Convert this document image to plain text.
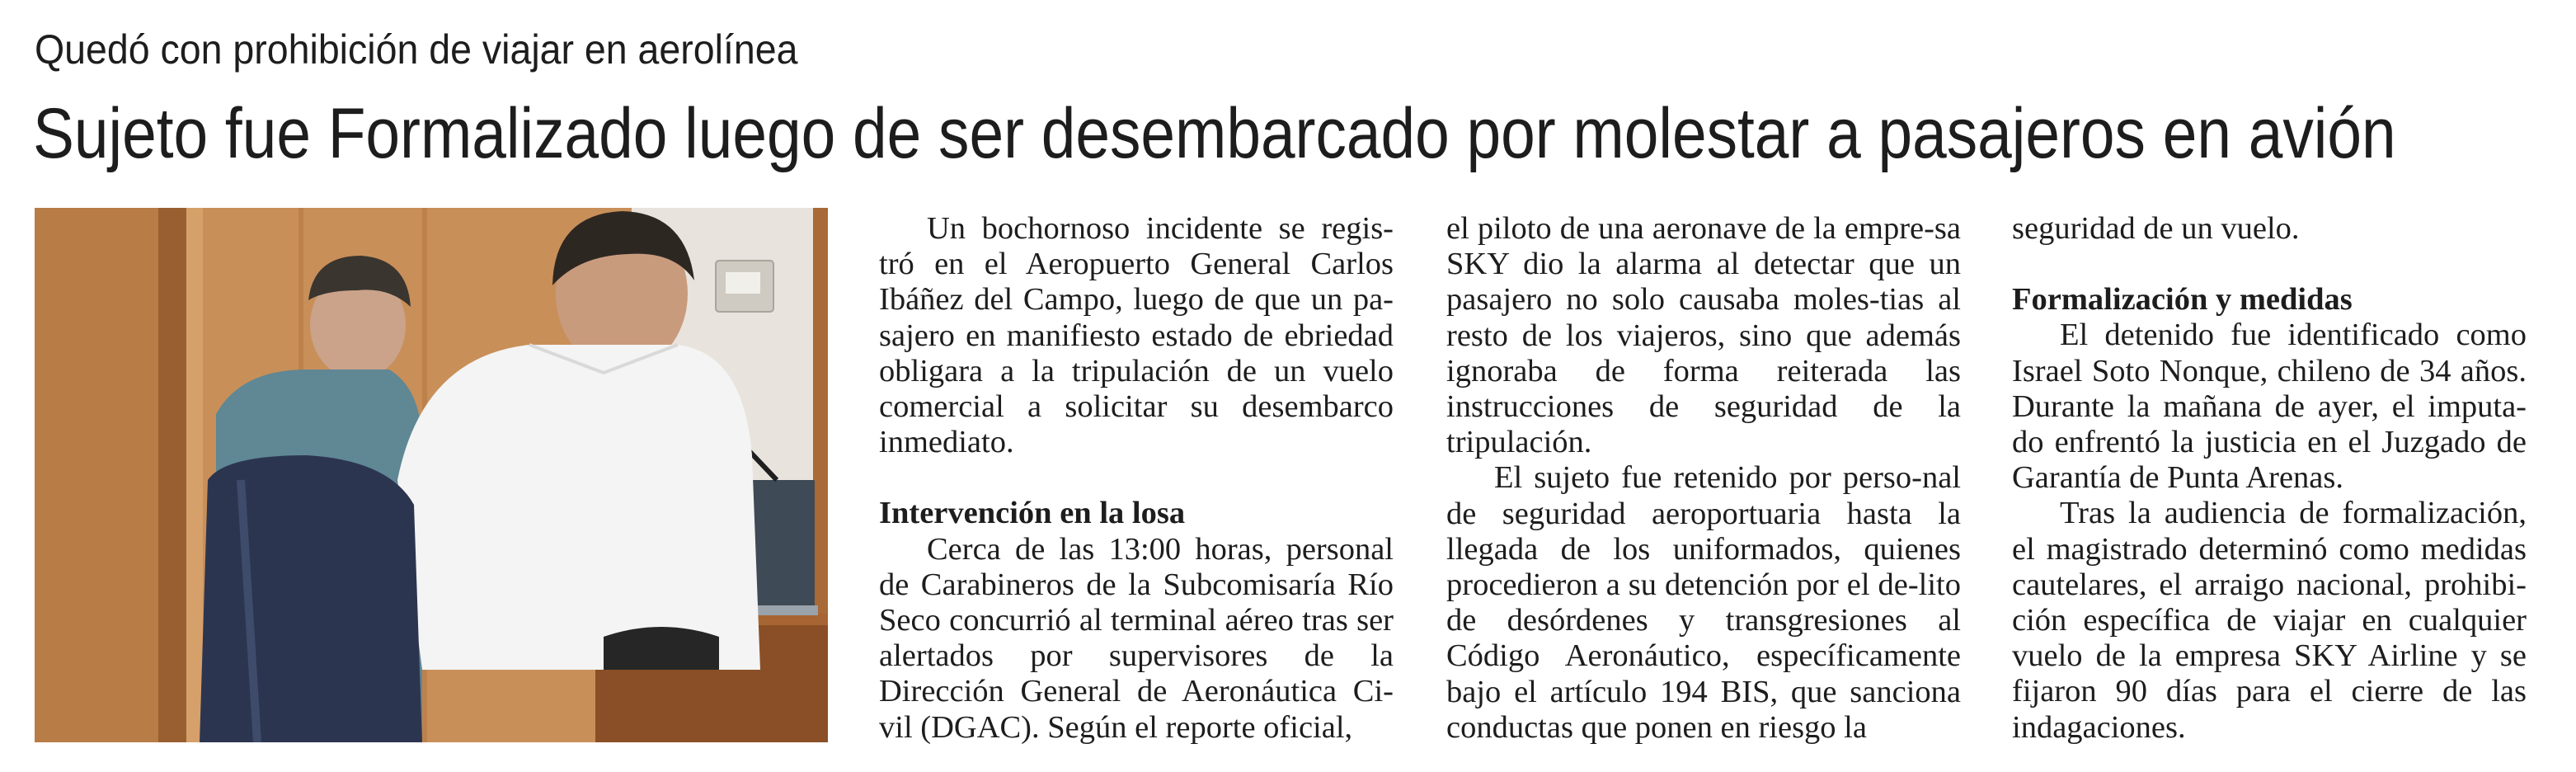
Quedó con prohibición de viajar en aerolínea
Sujeto fue Formalizado luego de ser desembarcado por molestar a pasajeros en avión

Un bochornoso incidente se regis-tró en el Aeropuerto General Carlos Ibáñez del Campo, luego de que un pa-sajero en manifiesto estado de ebriedad obligara a la tripulación de un vuelo comercial a solicitar su desembarco inmediato.

Intervención en la losa

Cerca de las 13:00 horas, personal de Carabineros de la Subcomisaría Río Seco concurrió al terminal aéreo tras ser alertados por supervisores de la Dirección General de Aeronáutica Ci-vil (DGAC). Según el reporte oficial,

el piloto de una aeronave de la empre-sa SKY dio la alarma al detectar que un pasajero no solo causaba moles-tias al resto de los viajeros, sino que además ignoraba de forma reiterada las instrucciones de seguridad de la tripulación.

El sujeto fue retenido por perso-nal de seguridad aeroportuaria hasta la llegada de los uniformados, quienes procedieron a su detención por el de-lito de desórdenes y transgresiones al Código Aeronáutico, específicamente bajo el artículo 194 BIS, que sanciona conductas que ponen en riesgo la

seguridad de un vuelo.

Formalización y medidas

El detenido fue identificado como Israel Soto Nonque, chileno de 34 años. Durante la mañana de ayer, el imputa-do enfrentó la justicia en el Juzgado de Garantía de Punta Arenas.

Tras la audiencia de formalización, el magistrado determinó como medidas cautelares, el arraigo nacional, prohibi-ción específica de viajar en cualquier vuelo de la empresa SKY Airline y se fijaron 90 días para el cierre de las indagaciones.
